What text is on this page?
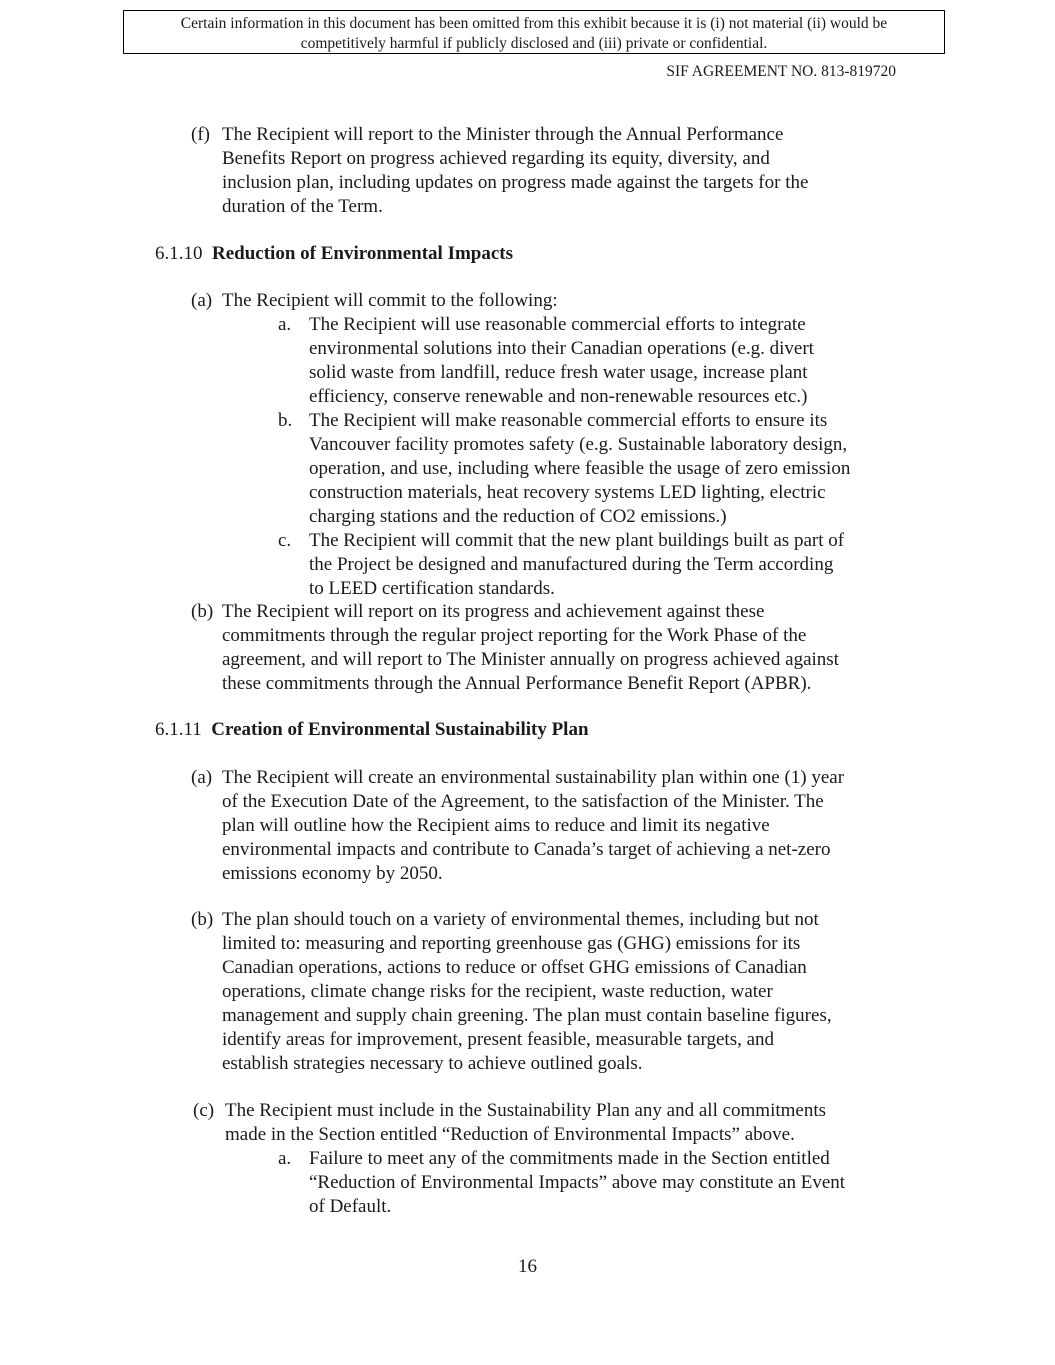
Certain information in this document has been omitted from this exhibit because it is (i) not material (ii) would be
competitively harmful if publicly disclosed and (iii) private or confidential.
SIF AGREEMENT NO. 813-819720
(f) The Recipient will report to the Minister through the Annual Performance
Benefits Report on progress achieved regarding its equity, diversity, and
inclusion plan, including updates on progress made against the targets for the
duration of the Term.
6.1.10 Reduction of Environmental Impacts
(a) The Recipient will commit to the following:
a. The Recipient will use reasonable commercial efforts to integrate
environmental solutions into their Canadian operations (e.g. divert
solid waste from landfill, reduce fresh water usage, increase plant
efficiency, conserve renewable and non-renewable resources etc.)
b. The Recipient will make reasonable commercial efforts to ensure its
Vancouver facility promotes safety (e.g. Sustainable laboratory design,
operation, and use, including where feasible the usage of zero emission
construction materials, heat recovery systems LED lighting, electric
charging stations and the reduction of CO2 emissions.)
c. The Recipient will commit that the new plant buildings built as part of
the Project be designed and manufactured during the Term according
to LEED certification standards.
(b) The Recipient will report on its progress and achievement against these
commitments through the regular project reporting for the Work Phase of the
agreement, and will report to The Minister annually on progress achieved against
these commitments through the Annual Performance Benefit Report (APBR).
6.1.11 Creation of Environmental Sustainability Plan
(a) The Recipient will create an environmental sustainability plan within one (1) year
of the Execution Date of the Agreement, to the satisfaction of the Minister. The
plan will outline how the Recipient aims to reduce and limit its negative
environmental impacts and contribute to Canada’s target of achieving a net-zero
emissions economy by 2050.
(b) The plan should touch on a variety of environmental themes, including but not
limited to: measuring and reporting greenhouse gas (GHG) emissions for its
Canadian operations, actions to reduce or offset GHG emissions of Canadian
operations, climate change risks for the recipient, waste reduction, water
management and supply chain greening. The plan must contain baseline figures,
identify areas for improvement, present feasible, measurable targets, and
establish strategies necessary to achieve outlined goals.
(c) The Recipient must include in the Sustainability Plan any and all commitments
made in the Section entitled “Reduction of Environmental Impacts” above.
a. Failure to meet any of the commitments made in the Section entitled
“Reduction of Environmental Impacts” above may constitute an Event
of Default.
16
